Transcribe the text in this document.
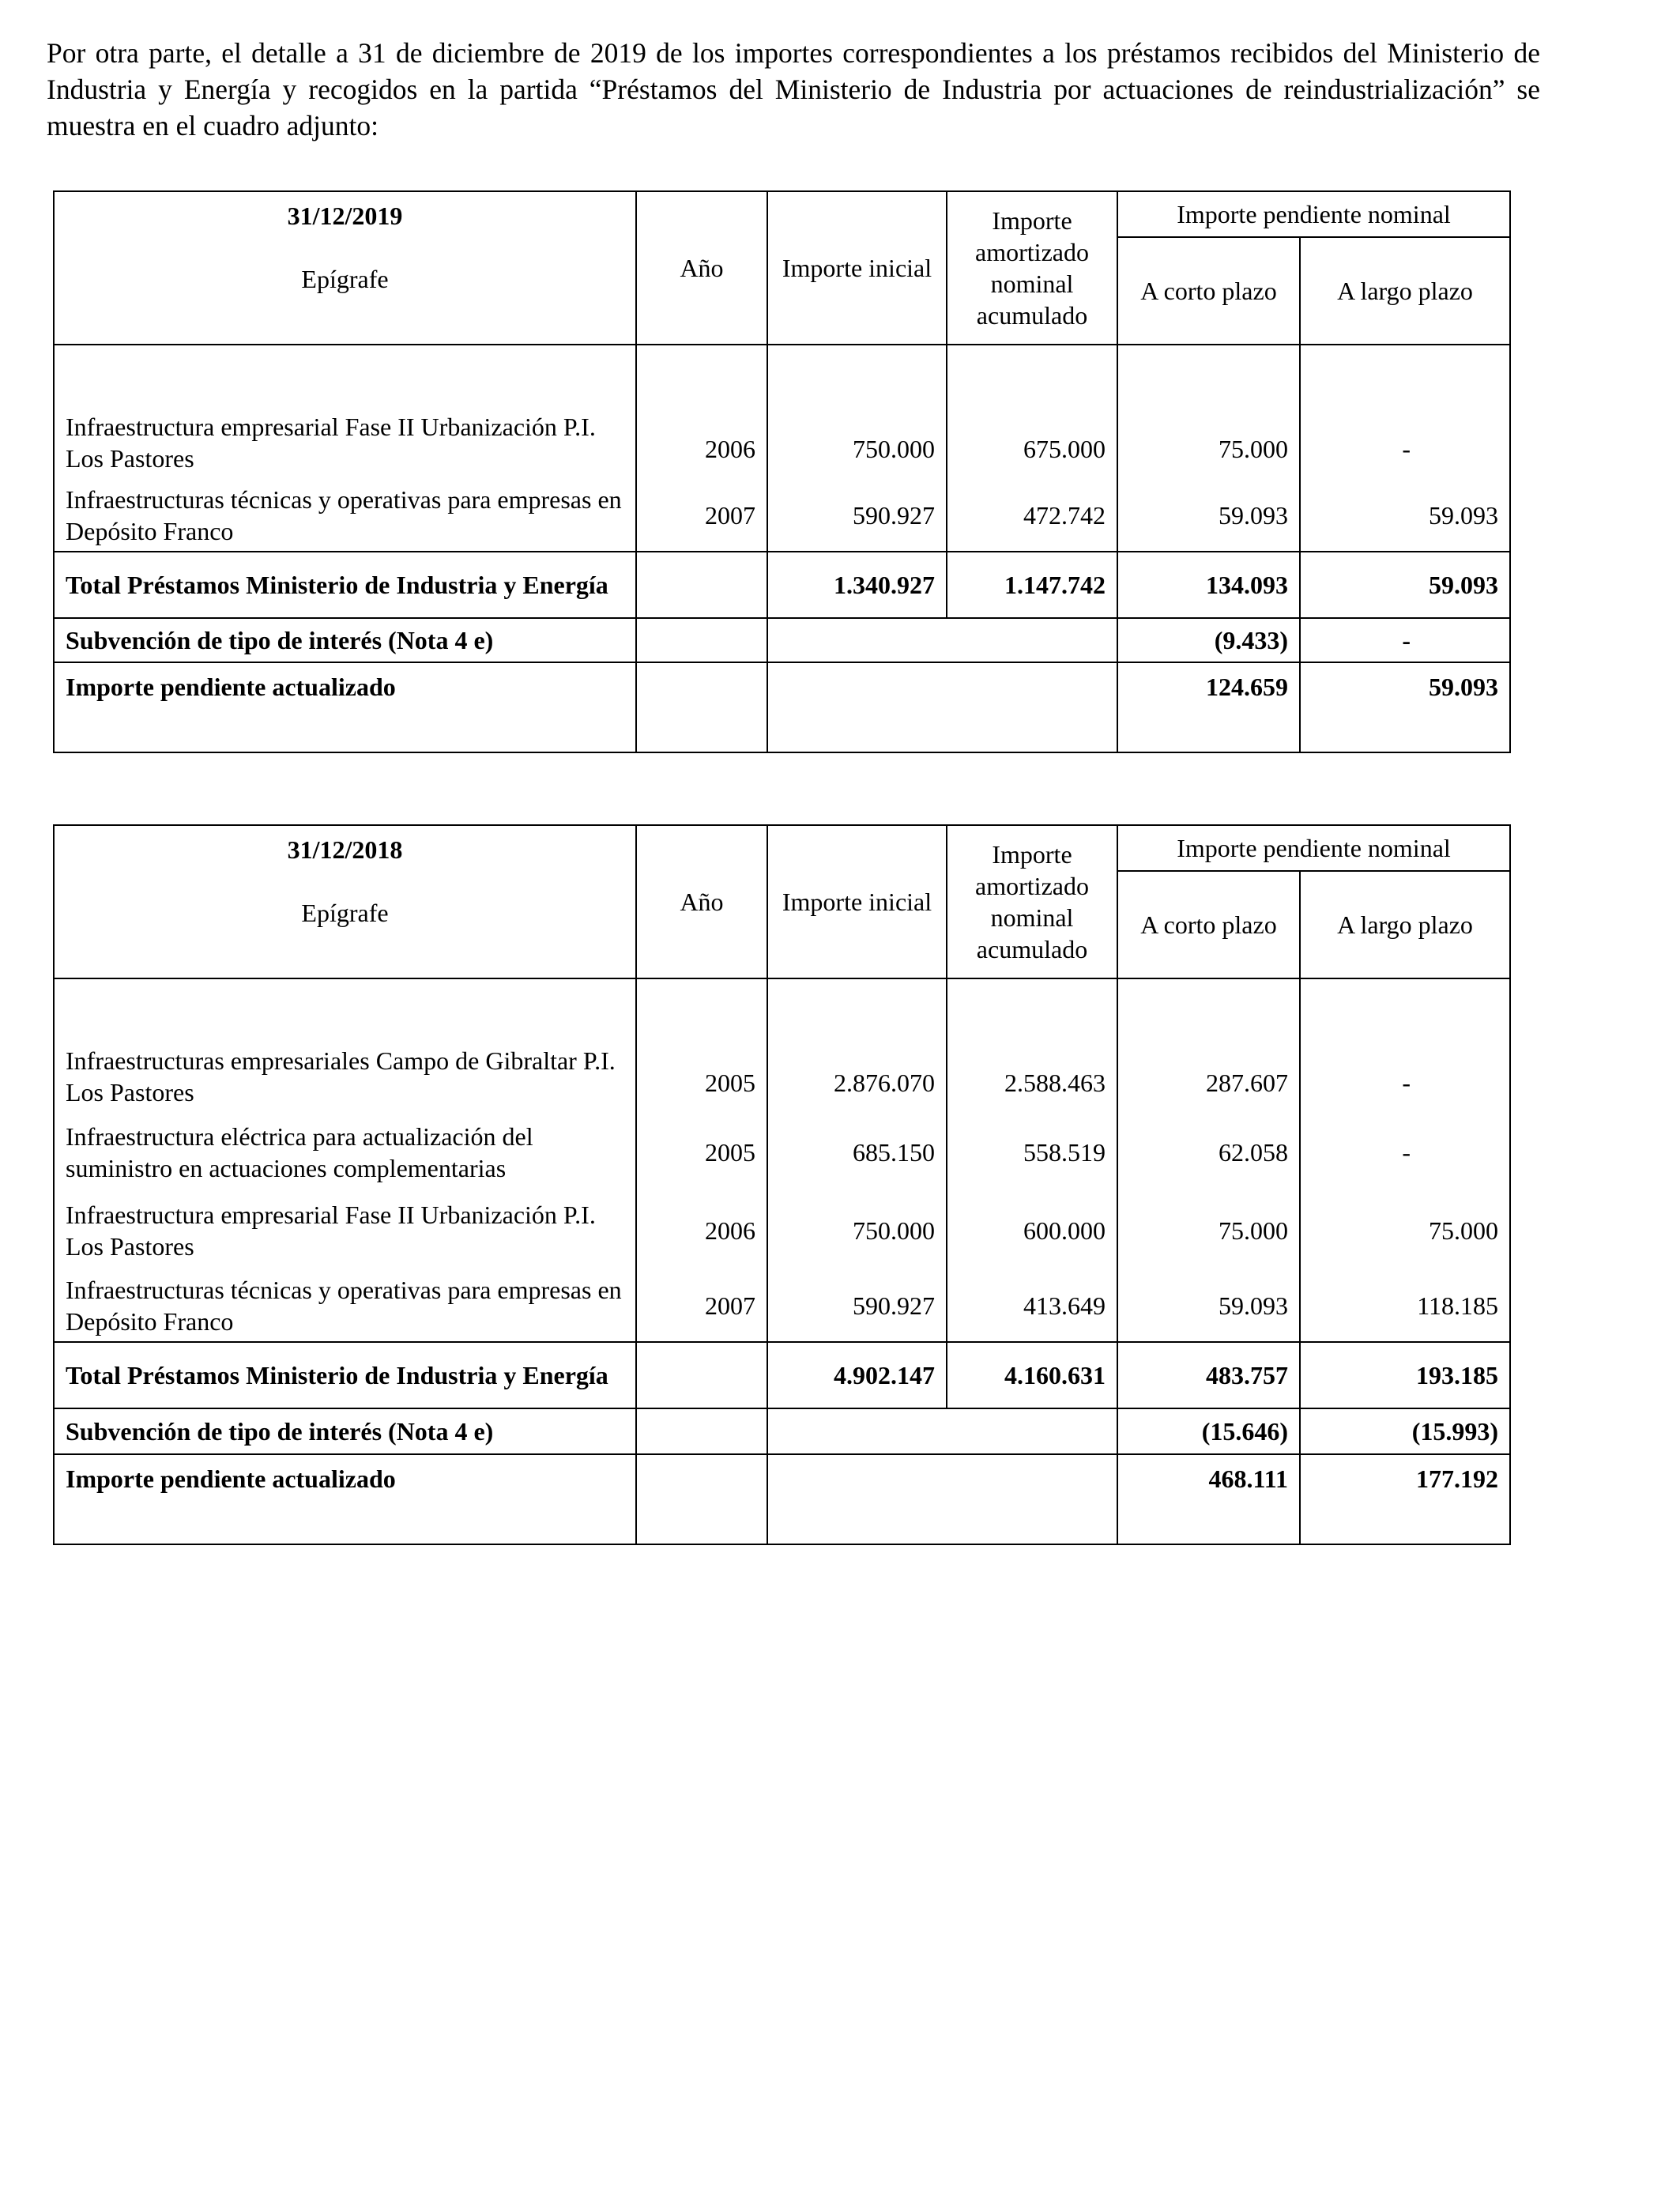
Por otra parte, el detalle a 31 de diciembre de 2019 de los importes correspondientes a los préstamos recibidos del Ministerio de Industria y Energía y recogidos en la partida “Préstamos del Ministerio de Industria por actuaciones de reindustrialización” se muestra en el cuadro adjunto:

31/12/2019
Epígrafe	Año	Importe inicial	Importe amortizado nominal acumulado	Importe pendiente nominal	
				A corto plazo	A largo plazo
Infraestructura empresarial Fase II Urbanización P.I. Los Pastores	2006	750.000	675.000	75.000	-
Infraestructuras técnicas y operativas para empresas en Depósito Franco	2007	590.927	472.742	59.093	59.093
Total Préstamos Ministerio de Industria y Energía		1.340.927	1.147.742	134.093	59.093
Subvención de tipo de interés (Nota 4 e)				(9.433)	-
Importe pendiente actualizado				124.659	59.093
31/12/2018
Epígrafe	Año	Importe inicial	Importe amortizado nominal acumulado	Importe pendiente nominal	
				A corto plazo	A largo plazo
Infraestructuras empresariales Campo de Gibraltar P.I. Los Pastores	2005	2.876.070	2.588.463	287.607	-
Infraestructura eléctrica para actualización del suministro en actuaciones complementarias	2005	685.150	558.519	62.058	-
Infraestructura empresarial Fase II Urbanización P.I. Los Pastores	2006	750.000	600.000	75.000	75.000
Infraestructuras técnicas y operativas para empresas en Depósito Franco	2007	590.927	413.649	59.093	118.185
Total Préstamos Ministerio de Industria y Energía		4.902.147	4.160.631	483.757	193.185
Subvención de tipo de interés (Nota 4 e)				(15.646)	(15.993)
Importe pendiente actualizado				468.111	177.192
